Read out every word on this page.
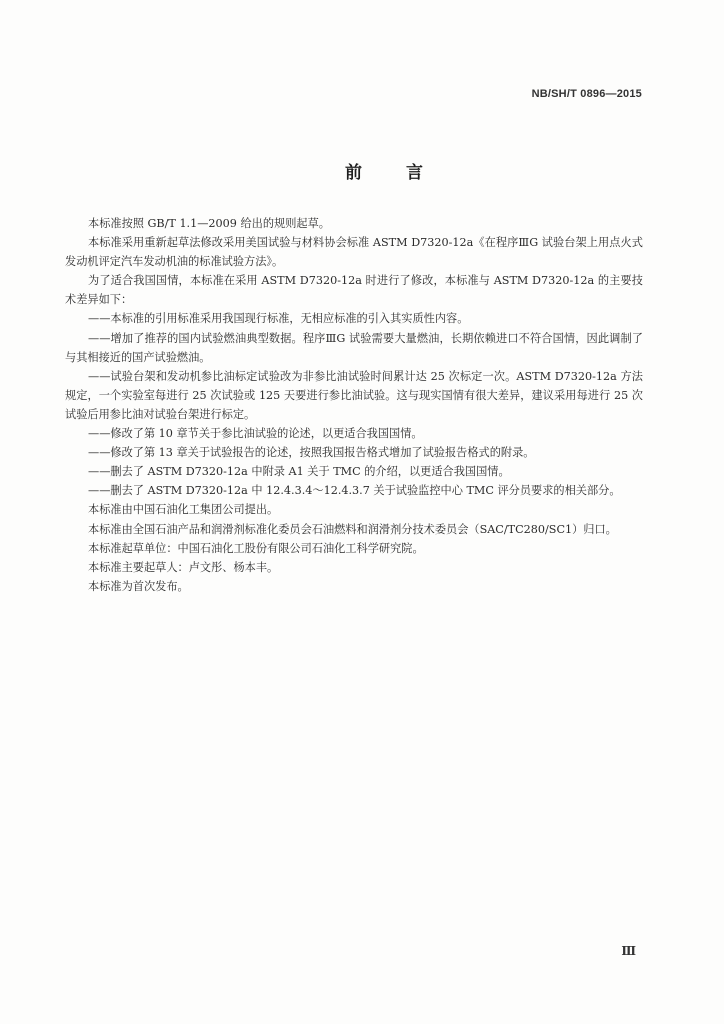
NB/SH/T 0896—2015
前言

本标准按照 GB/T 1.1—2009 给出的规则起草。

本标准采用重新起草法修改采用美国试验与材料协会标准 ASTM D7320-12a《在程序ⅢG 试验台架上用点火式发动机评定汽车发动机油的标准试验方法》。

为了适合我国国情，本标准在采用 ASTM D7320-12a 时进行了修改，本标准与 ASTM D7320-12a 的主要技术差异如下：

——本标准的引用标准采用我国现行标准，无相应标准的引入其实质性内容。

——增加了推荐的国内试验燃油典型数据。程序ⅢG 试验需要大量燃油，长期依赖进口不符合国情，因此调制了与其相接近的国产试验燃油。

——试验台架和发动机参比油标定试验改为非参比油试验时间累计达 25 次标定一次。ASTM D7320-12a 方法规定，一个实验室每进行 25 次试验或 125 天要进行参比油试验。这与现实国情有很大差异，建议采用每进行 25 次试验后用参比油对试验台架进行标定。

——修改了第 10 章节关于参比油试验的论述，以更适合我国国情。

——修改了第 13 章关于试验报告的论述，按照我国报告格式增加了试验报告格式的附录。

——删去了 ASTM D7320-12a 中附录 A1 关于 TMC 的介绍，以更适合我国国情。

——删去了 ASTM D7320-12a 中 12.4.3.4～12.4.3.7 关于试验监控中心 TMC 评分员要求的相关部分。

本标准由中国石油化工集团公司提出。

本标准由全国石油产品和润滑剂标准化委员会石油燃料和润滑剂分技术委员会（SAC/TC280/SC1）归口。

本标准起草单位：中国石油化工股份有限公司石油化工科学研究院。

本标准主要起草人：卢文彤、杨本丰。

本标准为首次发布。

Ⅲ
